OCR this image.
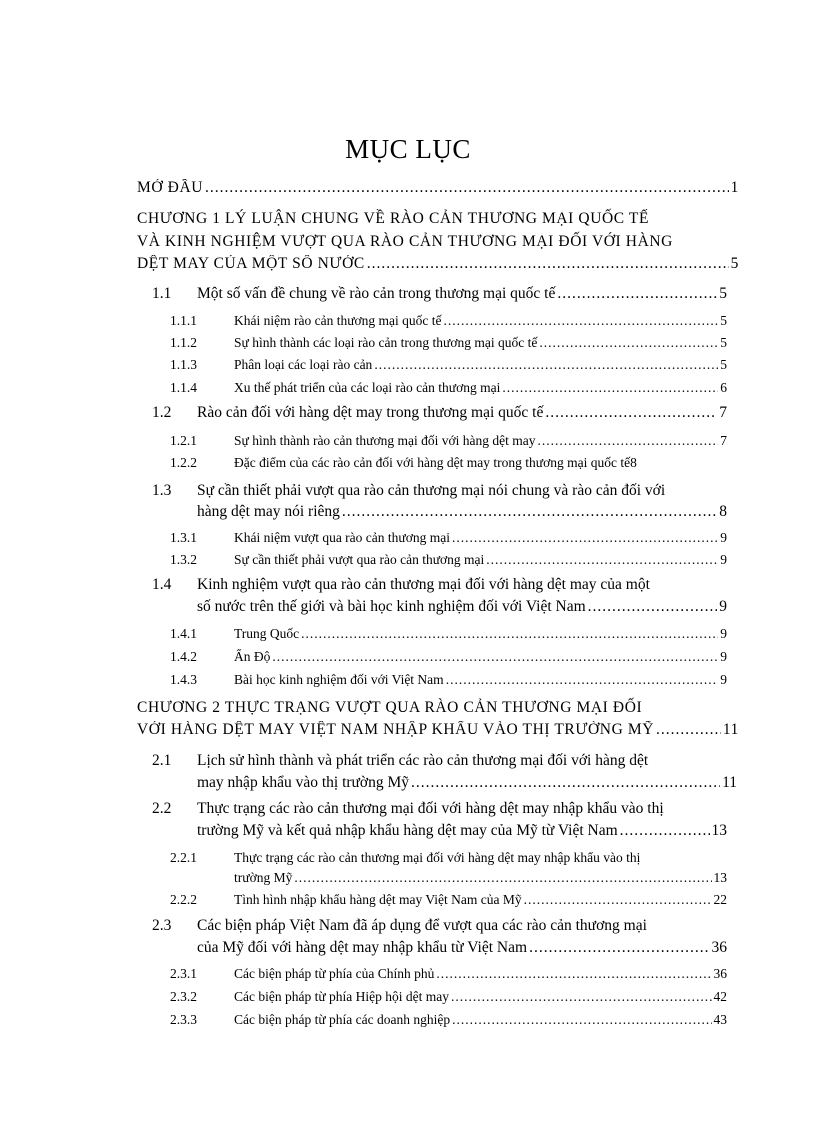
MỤC LỤC
MỞ ĐẦU .....	1
CHƯƠNG 1 LÝ LUẬN CHUNG VỀ RÀO CẢN THƯƠNG MẠI QUỐC TẾ
VÀ KINH NGHIỆM VƯỢT QUA RÀO CẢN THƯƠNG MẠI ĐỐI VỚI HÀNG
DỆT MAY CỦA MỘT SỐ NƯỚC .....	5
1.1	Một số vấn đề chung về rào cản trong thương mại quốc tế .....	5
1.1.1	Khái niệm rào cản thương mại quốc tế .....	5
1.1.2	Sự hình thành các loại rào cản trong thương mại quốc tế .....	5
1.1.3	Phân loại các loại rào cản .....	5
1.1.4	Xu thế phát triển của các loại rào cản thương mại .....	6
1.2	Rào cản đối với hàng dệt may trong thương mại quốc tế .....	7
1.2.1	Sự hình thành rào cản thương mại đối với hàng dệt may .....	7
1.2.2	Đặc điểm của các rào cản đối với hàng dệt may trong thương mại quốc tế 8
1.3 Sự cần thiết phải vượt qua rào cản thương mại nói chung và rào cản đối với
hàng dệt may nói riêng .....	8
1.3.1	Khái niệm vượt qua rào cản thương mại .....	9
1.3.2	Sự cần thiết phải vượt qua rào cản thương mại .....	9
1.4 Kinh nghiệm vượt qua rào cản thương mại đối với hàng dệt may của một
số nước trên thế giới và bài học kinh nghiệm đối với Việt Nam .....	9
1.4.1	Trung Quốc .....	9
1.4.2	Ấn Độ .....	9
1.4.3	Bài học kinh nghiệm đối với Việt Nam .....	9
CHƯƠNG 2 THỰC TRẠNG VƯỢT QUA RÀO CẢN THƯƠNG MẠI ĐỐI
VỚI HÀNG DỆT MAY VIỆT NAM NHẬP KHẨU VÀO THỊ TRƯỜNG MỸ .....	11
2.1 Lịch sử hình thành và phát triển các rào cản thương mại đối với hàng dệt
may nhập khẩu vào thị trường Mỹ .....	11
2.2 Thực trạng các rào cản thương mại đối với hàng dệt may nhập khẩu vào thị
trường Mỹ và kết quả nhập khẩu hàng dệt may của Mỹ từ Việt Nam .....	13
2.2.1	Thực trạng các rào cản thương mại đối với hàng dệt may nhập khẩu vào thị
trường Mỹ .....	13
2.2.2	Tình hình nhập khẩu hàng dệt may Việt Nam của Mỹ .....	22
2.3 Các biện pháp Việt Nam đã áp dụng để vượt qua các rào cản thương mại
của Mỹ đối với hàng dệt may nhập khẩu từ Việt Nam .....	36
2.3.1	Các biện pháp từ phía của Chính phủ .....	36
2.3.2	Các biện pháp từ phía Hiệp hội dệt may .....	42
2.3.3	Các biện pháp từ phía các doanh nghiệp .....	43
